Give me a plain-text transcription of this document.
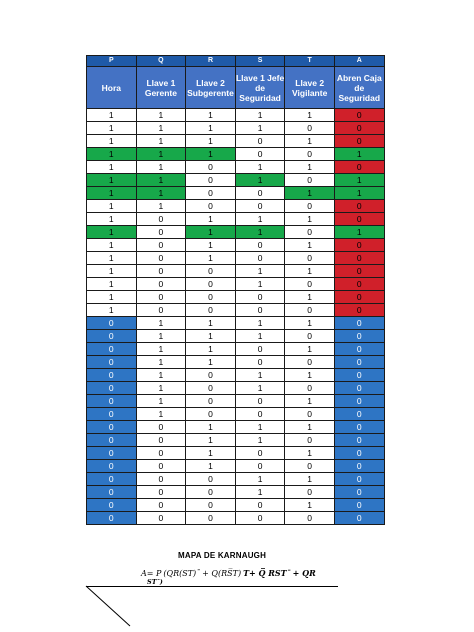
P	Q	R	S	T	A
Hora	Llave 1 Gerente	Llave 2 Subgerente	Llave 1 Jefe de Seguridad	Llave 2 Vigilante	Abren Caja de Seguridad
1	1	1	1	1	0
1	1	1	1	0	0
1	1	1	0	1	0
1	1	1	0	0	1
1	1	0	1	1	0
1	1	0	1	0	1
1	1	0	0	1	1
1	1	0	0	0	0
1	0	1	1	1	0
1	0	1	1	0	1
1	0	1	0	1	0
1	0	1	0	0	0
1	0	0	1	1	0
1	0	0	1	0	0
1	0	0	0	1	0
1	0	0	0	0	0
0	1	1	1	1	0
0	1	1	1	0	0
0	1	1	0	1	0
0	1	1	0	0	0
0	1	0	1	1	0
0	1	0	1	0	0
0	1	0	0	1	0
0	1	0	0	0	0
0	0	1	1	1	0
0	0	1	1	0	0
0	0	1	0	1	0
0	0	1	0	0	0
0	0	0	1	1	0
0	0	0	1	0	0
0	0	0	0	1	0
0	0	0	0	0	0
MAPA DE KARNAUGH
A= P (QR(ST)¯ + Q(RS̅T) T+ Q̅ RST¯ + QR
ST¯)
